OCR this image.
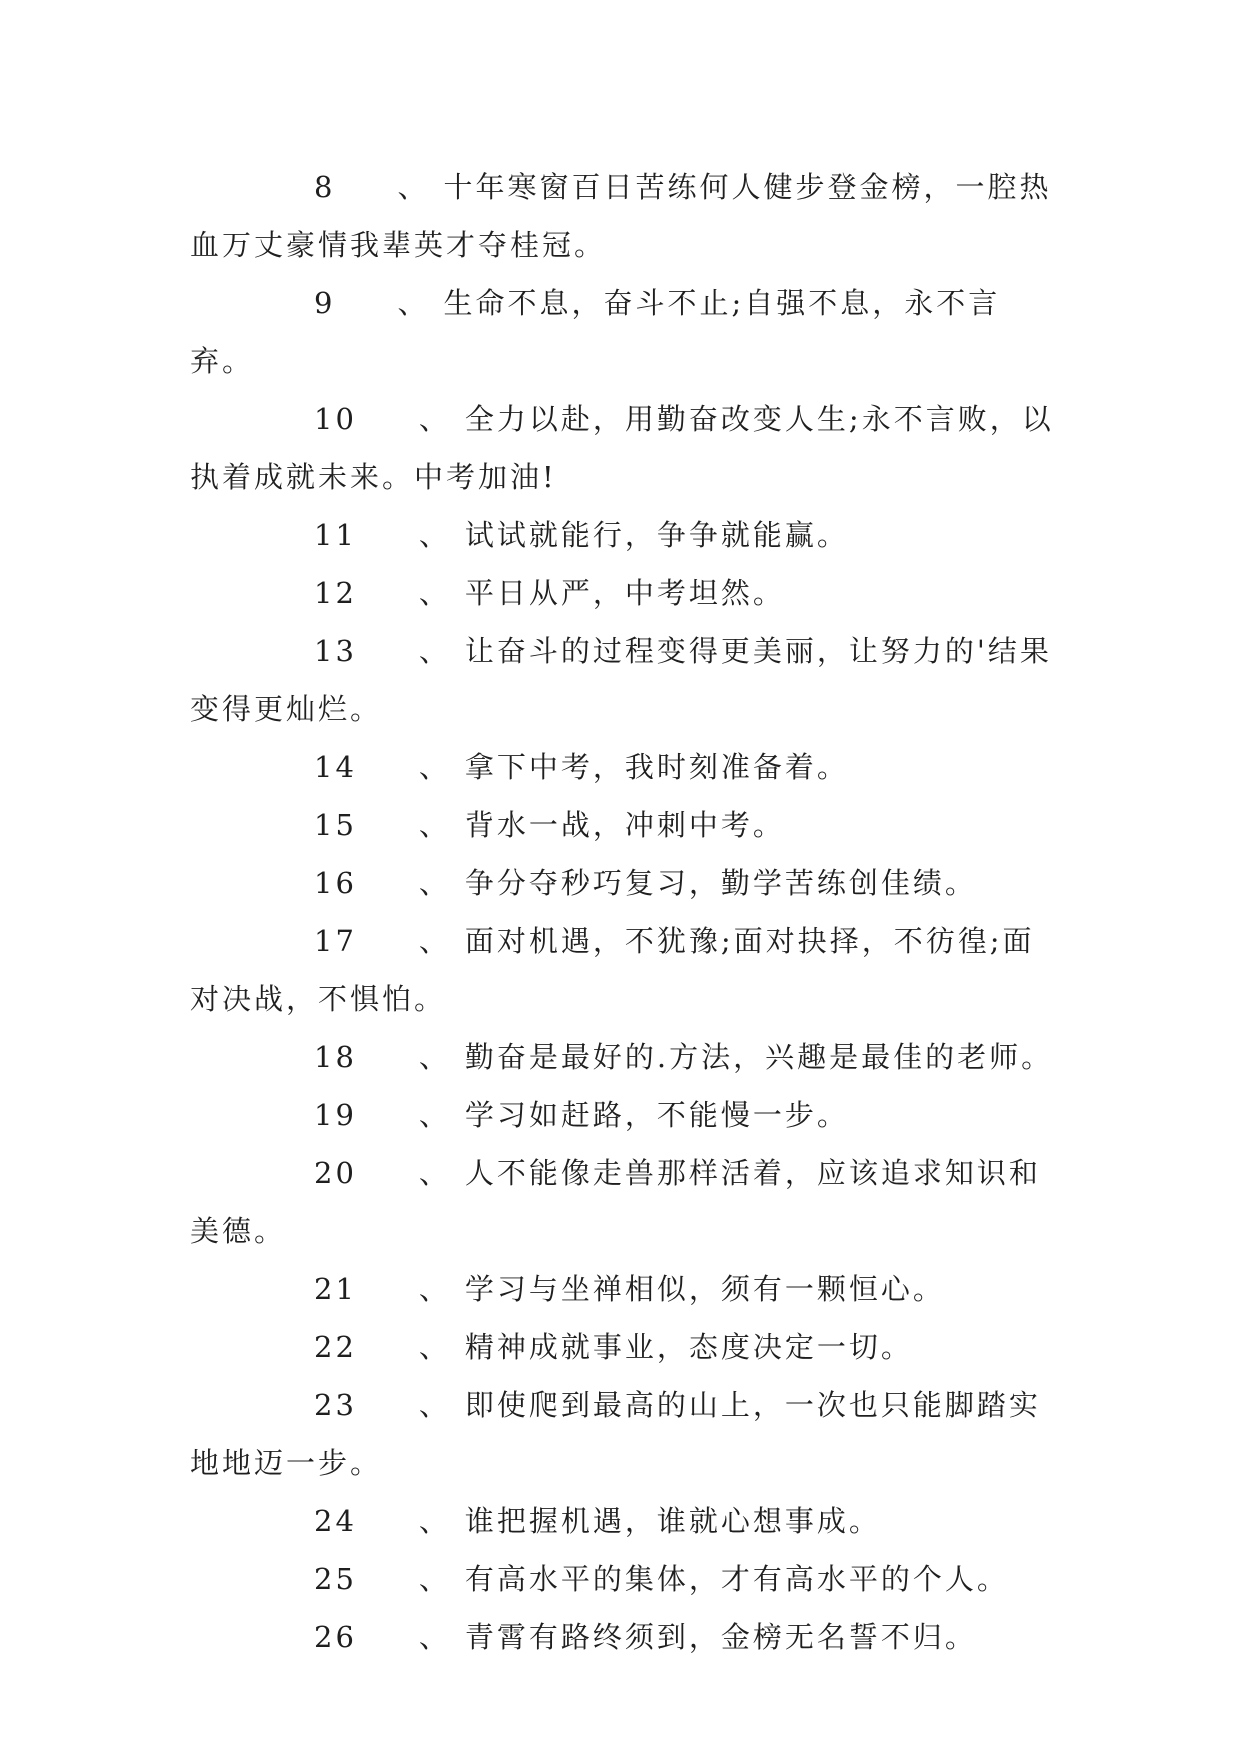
8 、 十年寒窗百日苦练何人健步登金榜，一腔热血万丈豪情我辈英才夺桂冠。

9 、 生命不息，奋斗不止;自强不息，永不言弃。

10 、 全力以赴，用勤奋改变人生;永不言败，以执着成就未来。中考加油!

11 、 试试就能行，争争就能赢。

12 、 平日从严，中考坦然。

13 、 让奋斗的过程变得更美丽，让努力的'结果变得更灿烂。

14 、 拿下中考，我时刻准备着。

15 、 背水一战，冲刺中考。

16 、 争分夺秒巧复习，勤学苦练创佳绩。

17 、 面对机遇，不犹豫;面对抉择，不彷徨;面对决战，不惧怕。

18 、 勤奋是最好的.方法，兴趣是最佳的老师。

19 、 学习如赶路，不能慢一步。

20 、 人不能像走兽那样活着，应该追求知识和美德。

21 、 学习与坐禅相似，须有一颗恒心。

22 、 精神成就事业，态度决定一切。

23 、 即使爬到最高的山上，一次也只能脚踏实地地迈一步。

24 、 谁把握机遇，谁就心想事成。

25 、 有高水平的集体，才有高水平的个人。

26 、 青霄有路终须到，金榜无名誓不归。
